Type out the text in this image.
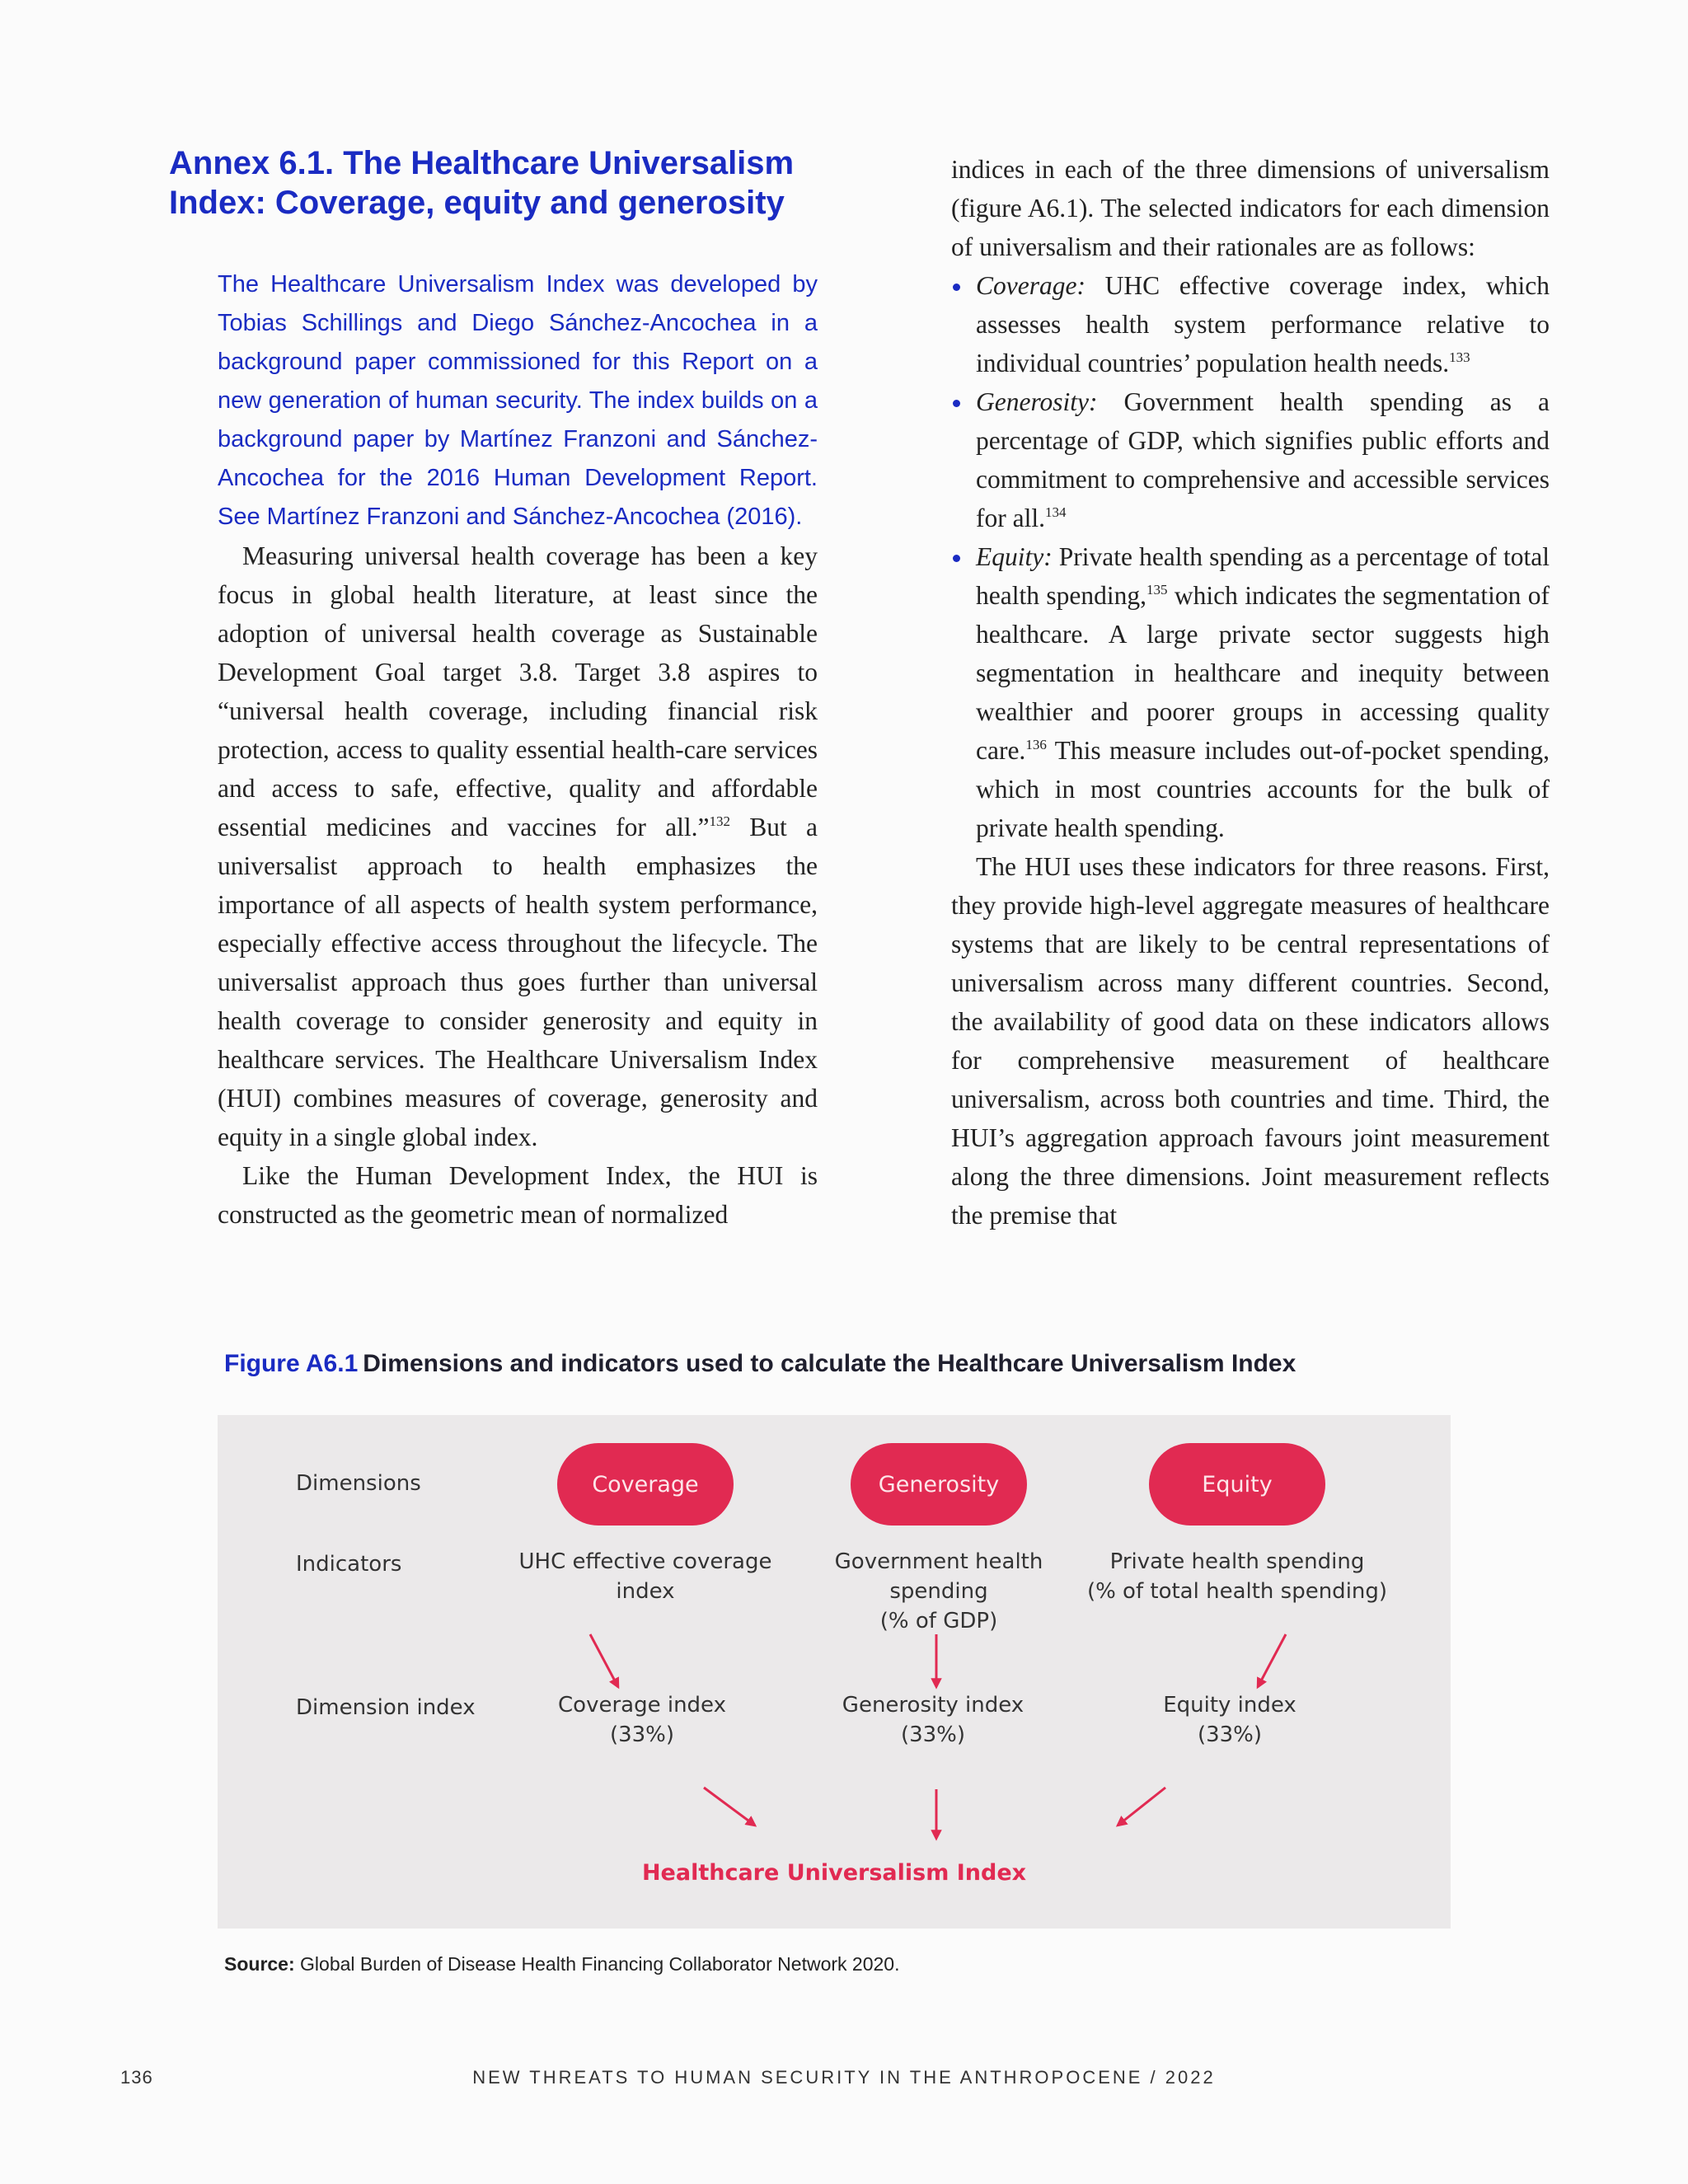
Annex 6.1. The Healthcare Universalism
Index: Coverage, equity and generosity

The Healthcare Universalism Index was developed by Tobias Schillings and Diego Sánchez-Ancochea in a background paper commissioned for this Report on a new generation of human security. The index builds on a background paper by Martínez Franzoni and Sánchez-Ancochea for the 2016 Human Development Report. See Martínez Franzoni and Sánchez-Ancochea (2016).

Measuring universal health coverage has been a key focus in global health literature, at least since the adoption of universal health coverage as Sustainable Development Goal target 3.8. Target 3.8 aspires to “universal health coverage, including financial risk protection, access to quality essential health-care services and access to safe, effective, quality and affordable essential medicines and vaccines for all.”$^{132}$ But a universalist approach to health emphasizes the importance of all aspects of health system performance, especially effective access throughout the lifecycle. The universalist approach thus goes further than universal health coverage to consider generosity and equity in healthcare services. The Healthcare Universalism Index (HUI) combines measures of coverage, generosity and equity in a single global index.

Like the Human Development Index, the HUI is constructed as the geometric mean of normalized

indices in each of the three dimensions of universalism (figure A6.1). The selected indicators for each dimension of universalism and their rationales are as follows:

Coverage: UHC effective coverage index, which assesses health system performance relative to individual countries’ population health needs.$^{133}$
Generosity: Government health spending as a percentage of GDP, which signifies public efforts and commitment to comprehensive and accessible services for all.$^{134}$
Equity: Private health spending as a percentage of total health spending,$^{135}$ which indicates the segmentation of healthcare. A large private sector suggests high segmentation in healthcare and inequity between wealthier and poorer groups in accessing quality care.$^{136}$ This measure includes out-of-pocket spending, which in most countries accounts for the bulk of private health spending.

The HUI uses these indicators for three reasons. First, they provide high-level aggregate measures of healthcare systems that are likely to be central representations of universalism across many different countries. Second, the availability of good data on these indicators allows for comprehensive measurement of healthcare universalism, across both countries and time. Third, the HUI’s aggregation approach favours joint measurement along the three dimensions. Joint measurement reflects the premise that

Figure A6.1 Dimensions and indicators used to calculate the Healthcare Universalism Index
Dimensions
Indicators
Dimension index
Coverage	Generosity	Equity
UHC effective coverage index
Government health spending
(% of GDP)
Private health spending
(% of total health spending)
Coverage index
(33%)
Generosity index
(33%)
Equity index
(33%)
Healthcare Universalism Index
Source: Global Burden of Disease Health Financing Collaborator Network 2020.
136	NEW THREATS TO HUMAN SECURITY IN THE ANTHROPOCENE / 2022
